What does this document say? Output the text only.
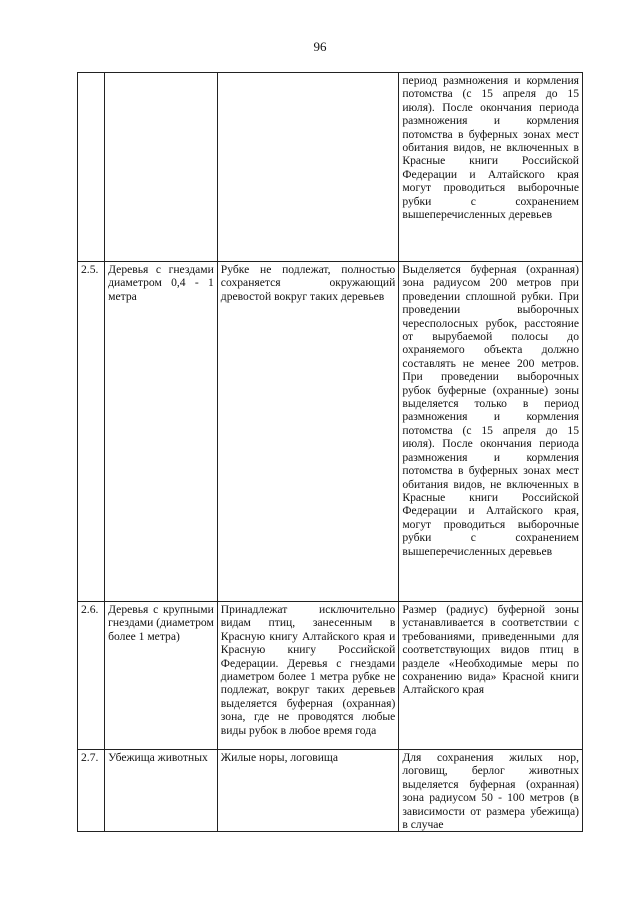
96
			период размножения и кормления потомства (с 15 апреля до 15 июля). После окончания периода размножения и кормления потомства в буферных зонах мест обитания видов, не включенных в Красные книги Российской Федерации и Алтайского края могут проводиться выборочные рубки с сохранением вышеперечисленных деревьев
2.5.	Деревья с гнездами диаметром 0,4 - 1 метра	Рубке не подлежат, полностью сохраняется окружающий древостой вокруг таких деревьев	Выделяется буферная (охранная) зона радиусом 200 метров при проведении сплошной рубки. При проведении выборочных чересполосных рубок, расстояние от вырубаемой полосы до охраняемого объекта должно составлять не менее 200 метров. При проведении выборочных рубок буферные (охранные) зоны выделяется только в период размножения и кормления потомства (с 15 апреля до 15 июля). После окончания периода размножения и кормления потомства в буферных зонах мест обитания видов, не включенных в Красные книги Российской Федерации и Алтайского края, могут проводиться выборочные рубки с сохранением вышеперечисленных деревьев
2.6.	Деревья с крупными гнездами (диаметром более 1 метра)	Принадлежат исключительно видам птиц, занесенным в Красную книгу Алтайского края и Красную книгу Российской Федерации. Деревья с гнездами диаметром более 1 метра рубке не подлежат, вокруг таких деревьев выделяется буферная (охранная) зона, где не проводятся любые виды рубок в любое время года	Размер (радиус) буферной зоны устанавливается в соответствии с требованиями, приведенными для соответствующих видов птиц в разделе «Необходимые меры по сохранению вида» Красной книги Алтайского края
2.7.	Убежища животных	Жилые норы, логовища	Для сохранения жилых нор, логовищ, берлог животных выделяется буферная (охранная) зона радиусом 50 - 100 метров (в зависимости от размера убежища) в случае
